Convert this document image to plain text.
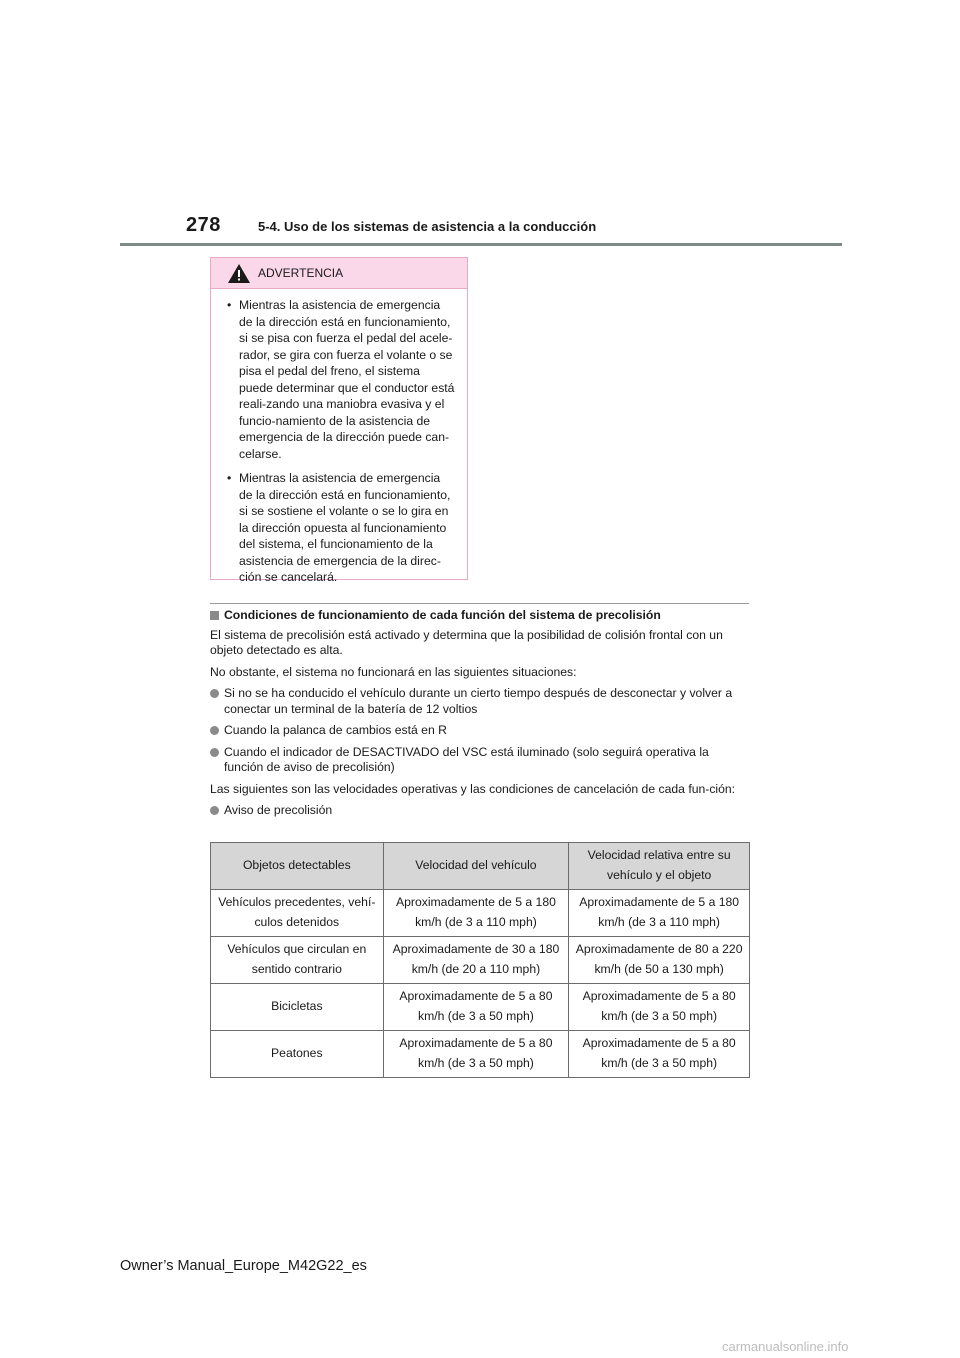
278	5-4. Uso de los sistemas de asistencia a la conducción
ADVERTENCIA
• Mientras la asistencia de emergencia de la dirección está en funcionamiento, si se pisa con fuerza el pedal del acele-rador, se gira con fuerza el volante o se pisa el pedal del freno, el sistema puede determinar que el conductor está reali-zando una maniobra evasiva y el funcio-namiento de la asistencia de emergencia de la dirección puede can-celarse.
• Mientras la asistencia de emergencia de la dirección está en funcionamiento, si se sostiene el volante o se lo gira en la dirección opuesta al funcionamiento del sistema, el funcionamiento de la asistencia de emergencia de la direc-ción se cancelará.

Condiciones de funcionamiento de cada función del sistema de precolisión

El sistema de precolisión está activado y determina que la posibilidad de colisión frontal con un objeto detectado es alta.

No obstante, el sistema no funcionará en las siguientes situaciones:

Si no se ha conducido el vehículo durante un cierto tiempo después de desconectar y volver a conectar un terminal de la batería de 12 voltios

Cuando la palanca de cambios está en R

Cuando el indicador de DESACTIVADO del VSC está iluminado (solo seguirá operativa la función de aviso de precolisión)

Las siguientes son las velocidades operativas y las condiciones de cancelación de cada fun-ción:

Aviso de precolisión

Objetos detectables	Velocidad del vehículo	Velocidad relativa entre su vehículo y el objeto
Vehículos precedentes, vehí-culos detenidos	Aproximadamente de 5 a 180 km/h (de 3 a 110 mph)	Aproximadamente de 5 a 180 km/h (de 3 a 110 mph)
Vehículos que circulan en sentido contrario	Aproximadamente de 30 a 180 km/h (de 20 a 110 mph)	Aproximadamente de 80 a 220 km/h (de 50 a 130 mph)
Bicicletas	Aproximadamente de 5 a 80 km/h (de 3 a 50 mph)	Aproximadamente de 5 a 80 km/h (de 3 a 50 mph)
Peatones	Aproximadamente de 5 a 80 km/h (de 3 a 50 mph)	Aproximadamente de 5 a 80 km/h (de 3 a 50 mph)
Owner’s Manual_Europe_M42G22_es
carmanualsonline.info
